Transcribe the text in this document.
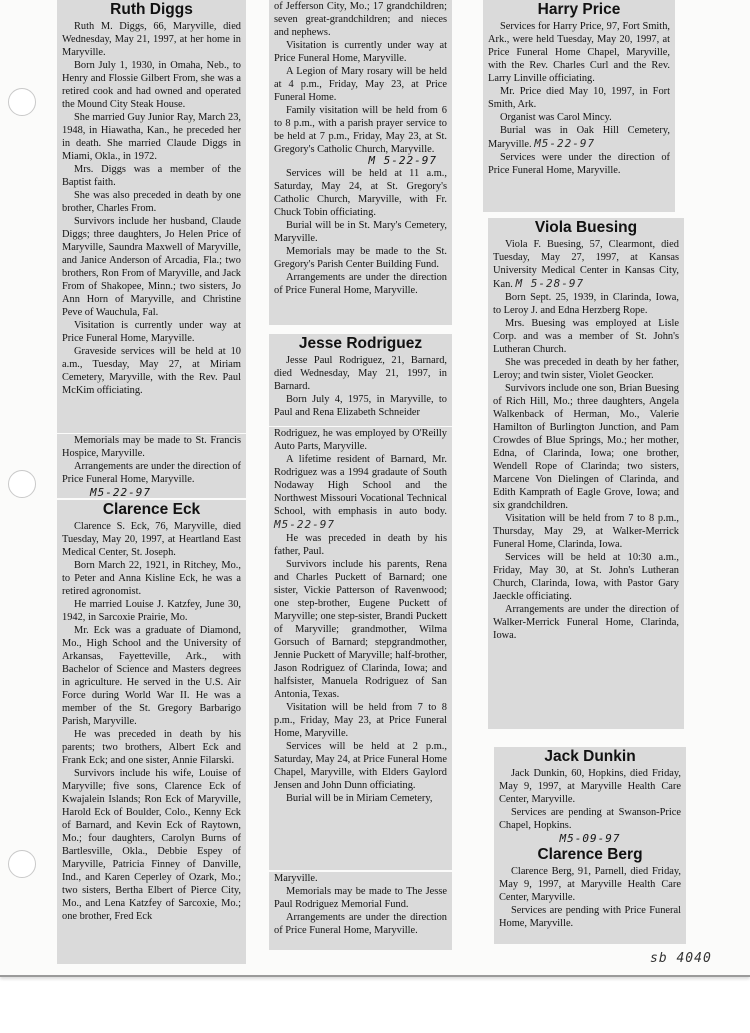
Ruth Diggs

Ruth M. Diggs, 66, Maryville, died Wednesday, May 21, 1997, at her home in Maryville.

Born July 1, 1930, in Omaha, Neb., to Henry and Flossie Gilbert From, she was a retired cook and had owned and operated the Mound City Steak House.

She married Guy Junior Ray, March 23, 1948, in Hiawatha, Kan., he preceded her in death. She married Claude Diggs in Miami, Okla., in 1972.

Mrs. Diggs was a member of the Baptist faith.

She was also preceded in death by one brother, Charles From.

Survivors include her husband, Claude Diggs; three daughters, Jo Helen Price of Maryville, Saundra Maxwell of Maryville, and Janice Anderson of Arcadia, Fla.; two brothers, Ron From of Maryville, and Jack From of Shakopee, Minn.; two sisters, Jo Ann Horn of Maryville, and Christine Peve of Wauchula, Fal.

Visitation is currently under way at Price Funeral Home, Maryville.

Graveside services will be held at 10 a.m., Tuesday, May 27, at Miriam Cemetery, Maryville, with the Rev. Paul McKim officiating.

Memorials may be made to St. Francis Hospice, Maryville.

Arrangements are under the direction of Price Funeral Home, Maryville.

M5-22-97
Clarence Eck

Clarence S. Eck, 76, Maryville, died Tuesday, May 20, 1997, at Heartland East Medical Center, St. Joseph.

Born March 22, 1921, in Ritchey, Mo., to Peter and Anna Kisline Eck, he was a retired agronomist.

He married Louise J. Katzfey, June 30, 1942, in Sarcoxie Prairie, Mo.

Mr. Eck was a graduate of Diamond, Mo., High School and the University of Arkansas, Fayetteville, Ark., with Bachelor of Science and Masters degrees in agriculture. He served in the U.S. Air Force during World War II. He was a member of the St. Gregory Barbarigo Parish, Maryville.

He was preceded in death by his parents; two brothers, Albert Eck and Frank Eck; and one sister, Annie Filarski.

Survivors include his wife, Louise of Maryville; five sons, Clarence Eck of Kwajalein Islands; Ron Eck of Maryville, Harold Eck of Boulder, Colo., Kenny Eck of Barnard, and Kevin Eck of Raytown, Mo.; four daughters, Carolyn Burns of Bartlesville, Okla., Debbie Espey of Maryville, Patricia Finney of Danville, Ind., and Karen Ceperley of Ozark, Mo.; two sisters, Bertha Elbert of Pierce City, Mo., and Lena Katzfey of Sarcoxie, Mo.; one brother, Fred Eck

of Jefferson City, Mo.; 17 grandchildren; seven great-grandchildren; and nieces and nephews.

Visitation is currently under way at Price Funeral Home, Maryville.

A Legion of Mary rosary will be held at 4 p.m., Friday, May 23, at Price Funeral Home.

Family visitation will be held from 6 to 8 p.m., with a parish prayer service to be held at 7 p.m., Friday, May 23, at St. Gregory's Catholic Church, Maryville.

M 5-22-97

Services will be held at 11 a.m., Saturday, May 24, at St. Gregory's Catholic Church, Maryville, with Fr. Chuck Tobin officiating.

Burial will be in St. Mary's Cemetery, Maryville.

Memorials may be made to the St. Gregory's Parish Center Building Fund.

Arrangements are under the direction of Price Funeral Home, Maryville.

Jesse Rodriguez

Jesse Paul Rodriguez, 21, Barnard, died Wednesday, May 21, 1997, in Barnard.

Born July 4, 1975, in Maryville, to Paul and Rena Elizabeth Schneider

Rodriguez, he was employed by O'Reilly Auto Parts, Maryville.

A lifetime resident of Barnard, Mr. Rodriguez was a 1994 gradaute of South Nodaway High School and the Northwest Missouri Vocational Technical School, with emphasis in auto body. M5-22-97

He was preceded in death by his father, Paul.

Survivors include his parents, Rena and Charles Puckett of Barnard; one sister, Vickie Patterson of Ravenwood; one step-brother, Eugene Puckett of Maryville; one step-sister, Brandi Puckett of Maryville; grandmother, Wilma Gorsuch of Barnard; stepgrandmother, Jennie Puckett of Maryville; half-brother, Jason Rodriguez of Clarinda, Iowa; and halfsister, Manuela Rodriguez of San Antonia, Texas.

Visitation will be held from 7 to 8 p.m., Friday, May 23, at Price Funeral Home, Maryville.

Services will be held at 2 p.m., Saturday, May 24, at Price Funeral Home Chapel, Maryville, with Elders Gaylord Jensen and John Dunn officiating.

Burial will be in Miriam Cemetery,

Maryville.

Memorials may be made to The Jesse Paul Rodriguez Memorial Fund.

Arrangements are under the direction of Price Funeral Home, Maryville.

Harry Price

Services for Harry Price, 97, Fort Smith, Ark., were held Tuesday, May 20, 1997, at Price Funeral Home Chapel, Maryville, with the Rev. Charles Curl and the Rev. Larry Linville officiating.

Mr. Price died May 10, 1997, in Fort Smith, Ark.

Organist was Carol Mincy.

Burial was in Oak Hill Cemetery, Maryville. M5-22-97

Services were under the direction of Price Funeral Home, Maryville.

Viola Buesing

Viola F. Buesing, 57, Clearmont, died Tuesday, May 27, 1997, at Kansas University Medical Center in Kansas City, Kan. M 5-28-97

Born Sept. 25, 1939, in Clarinda, Iowa, to Leroy J. and Edna Herzberg Rope.

Mrs. Buesing was employed at Lisle Corp. and was a member of St. John's Lutheran Church.

She was preceded in death by her father, Leroy; and twin sister, Violet Geocker.

Survivors include one son, Brian Buesing of Rich Hill, Mo.; three daughters, Angela Walkenback of Herman, Mo., Valerie Hamilton of Burlington Junction, and Pam Crowdes of Blue Springs, Mo.; her mother, Edna, of Clarinda, Iowa; one brother, Wendell Rope of Clarinda; two sisters, Marcene Von Dielingen of Clarinda, and Edith Kamprath of Eagle Grove, Iowa; and six grandchildren.

Visitation will be held from 7 to 8 p.m., Thursday, May 29, at Walker-Merrick Funeral Home, Clarinda, Iowa.

Services will be held at 10:30 a.m., Friday, May 30, at St. John's Lutheran Church, Clarinda, Iowa, with Pastor Gary Jaeckle officiating.

Arrangements are under the direction of Walker-Merrick Funeral Home, Clarinda, Iowa.

Jack Dunkin

Jack Dunkin, 60, Hopkins, died Friday, May 9, 1997, at Maryville Health Care Center, Maryville.

Services are pending at Swanson-Price Chapel, Hopkins.

M5-09-97
Clarence Berg

Clarence Berg, 91, Parnell, died Friday, May 9, 1997, at Maryville Health Care Center, Maryville.

Services are pending with Price Funeral Home, Maryville.

sb 4040
